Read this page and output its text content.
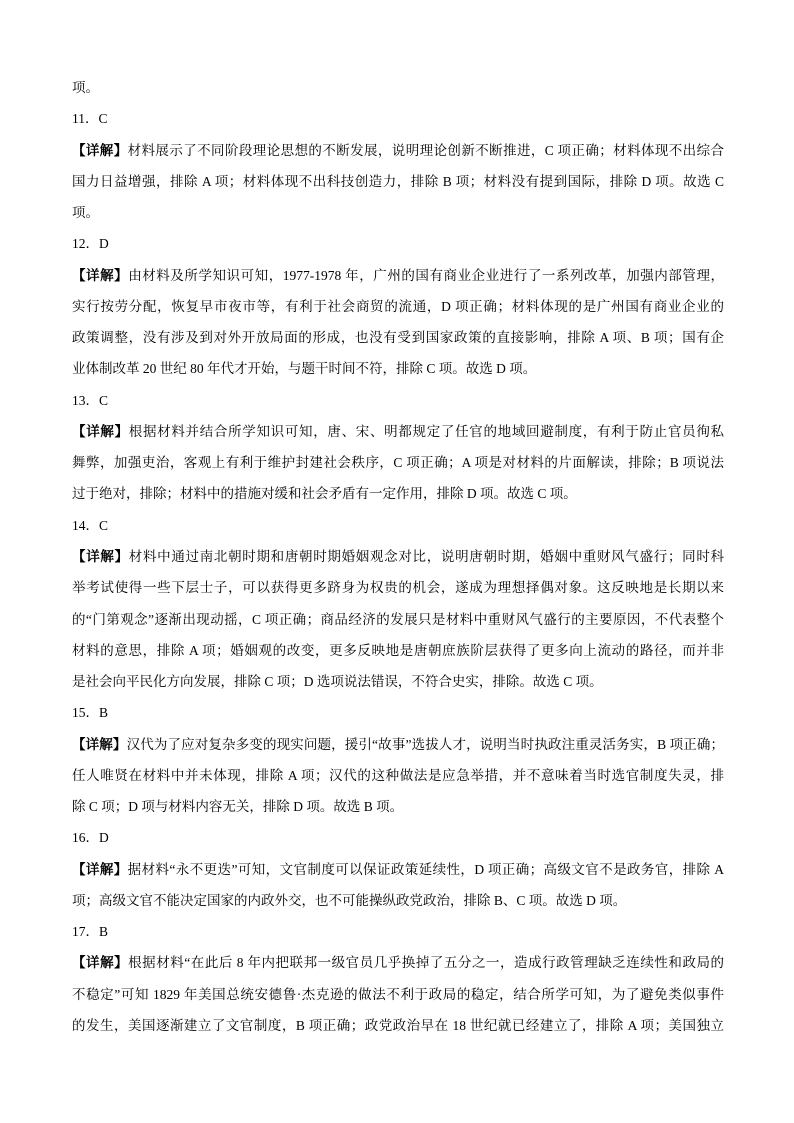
项。
11．C
【详解】材料展示了不同阶段理论思想的不断发展，说明理论创新不断推进，C 项正确；材料体现不出综合
国力日益增强，排除 A 项；材料体现不出科技创造力，排除 B 项；材料没有提到国际，排除 D 项。故选 C
项。
12．D
【详解】由材料及所学知识可知，1977-1978 年，广州的国有商业企业进行了一系列改革，加强内部管理，
实行按劳分配，恢复早市夜市等，有利于社会商贸的流通，D 项正确；材料体现的是广州国有商业企业的
政策调整，没有涉及到对外开放局面的形成，也没有受到国家政策的直接影响，排除 A 项、B 项；国有企
业体制改革 20 世纪 80 年代才开始，与题干时间不符，排除 C 项。故选 D 项。
13．C
【详解】根据材料并结合所学知识可知，唐、宋、明都规定了任官的地域回避制度，有利于防止官员徇私
舞弊，加强吏治，客观上有利于维护封建社会秩序，C 项正确；A 项是对材料的片面解读，排除；B 项说法
过于绝对，排除；材料中的措施对缓和社会矛盾有一定作用，排除 D 项。故选 C 项。
14．C
【详解】材料中通过南北朝时期和唐朝时期婚姻观念对比，说明唐朝时期，婚姻中重财风气盛行；同时科
举考试使得一些下层士子，可以获得更多跻身为权贵的机会，遂成为理想择偶对象。这反映地是长期以来
的“门第观念”逐渐出现动摇，C 项正确；商品经济的发展只是材料中重财风气盛行的主要原因，不代表整个
材料的意思，排除 A 项；婚姻观的改变，更多反映地是唐朝庶族阶层获得了更多向上流动的路径，而并非
是社会向平民化方向发展，排除 C 项；D 选项说法错误，不符合史实，排除。故选 C 项。
15．B
【详解】汉代为了应对复杂多变的现实问题，援引“故事”选拔人才，说明当时执政注重灵活务实，B 项正确；
任人唯贤在材料中并未体现，排除 A 项；汉代的这种做法是应急举措，并不意味着当时选官制度失灵，排
除 C 项；D 项与材料内容无关，排除 D 项。故选 B 项。
16．D
【详解】据材料“永不更迭”可知，文官制度可以保证政策延续性，D 项正确；高级文官不是政务官，排除 A
项；高级文官不能决定国家的内政外交，也不可能操纵政党政治，排除 B、C 项。故选 D 项。
17．B
【详解】根据材料“在此后 8 年内把联邦一级官员几乎换掉了五分之一，造成行政管理缺乏连续性和政局的
不稳定”可知 1829 年美国总统安德鲁·杰克逊的做法不利于政局的稳定，结合所学可知，为了避免类似事件
的发生，美国逐渐建立了文官制度，B 项正确；政党政治早在 18 世纪就已经建立了，排除 A 项；美国独立
